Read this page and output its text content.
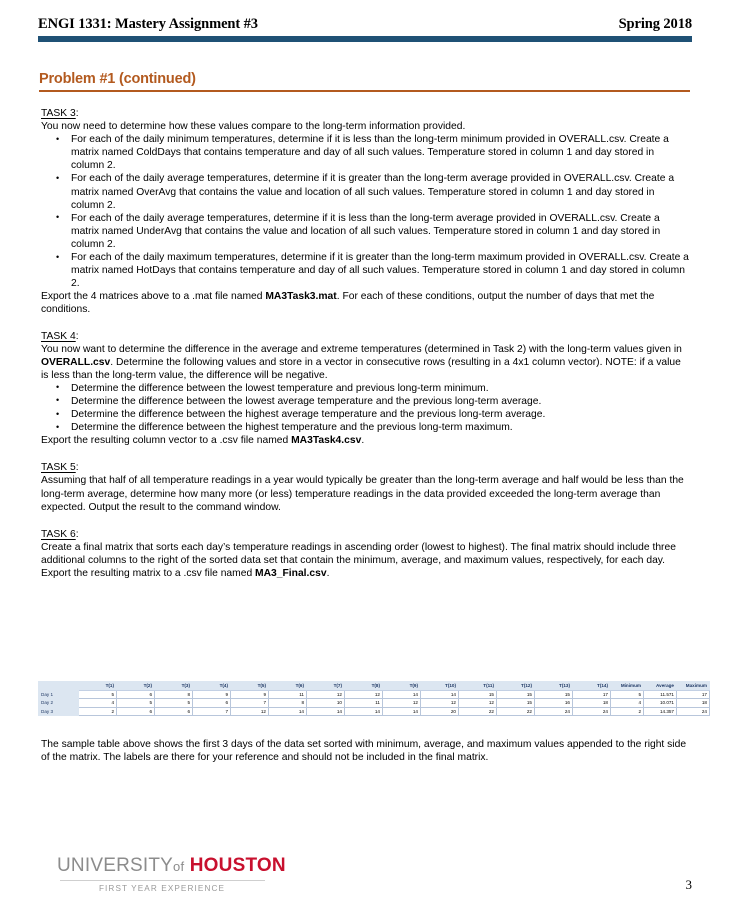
ENGI 1331: Mastery Assignment #3	Spring 2018
Problem #1 (continued)
TASK 3:
You now need to determine how these values compare to the long-term information provided.
• For each of the daily minimum temperatures, determine if it is less than the long-term minimum provided in OVERALL.csv. Create a matrix named ColdDays that contains temperature and day of all such values. Temperature stored in column 1 and day stored in column 2.
• For each of the daily average temperatures, determine if it is greater than the long-term average provided in OVERALL.csv. Create a matrix named OverAvg that contains the value and location of all such values. Temperature stored in column 1 and day stored in column 2.
• For each of the daily average temperatures, determine if it is less than the long-term average provided in OVERALL.csv. Create a matrix named UnderAvg that contains the value and location of all such values. Temperature stored in column 1 and day stored in column 2.
• For each of the daily maximum temperatures, determine if it is greater than the long-term maximum provided in OVERALL.csv. Create a matrix named HotDays that contains temperature and day of all such values. Temperature stored in column 1 and day stored in column 2.
Export the 4 matrices above to a .mat file named MA3Task3.mat. For each of these conditions, output the number of days that met the conditions.
TASK 4:
You now want to determine the difference in the average and extreme temperatures (determined in Task 2) with the long-term values given in OVERALL.csv. Determine the following values and store in a vector in consecutive rows (resulting in a 4x1 column vector). NOTE: if a value is less than the long-term value, the difference will be negative.
• Determine the difference between the lowest temperature and previous long-term minimum.
• Determine the difference between the lowest average temperature and the previous long-term average.
• Determine the difference between the highest average temperature and the previous long-term average.
• Determine the difference between the highest temperature and the previous long-term maximum.
Export the resulting column vector to a .csv file named MA3Task4.csv.
TASK 5:
Assuming that half of all temperature readings in a year would typically be greater than the long-term average and half would be less than the long-term average, determine how many more (or less) temperature readings in the data provided exceeded the long-term average than expected. Output the result to the command window.
TASK 6:
Create a final matrix that sorts each day’s temperature readings in ascending order (lowest to highest). The final matrix should include three additional columns to the right of the sorted data set that contain the minimum, average, and maximum values, respectively, for each day. Export the resulting matrix to a .csv file named MA3_Final.csv.
	T(1)	T(2)	T(3)	T(4)	T(5)	T(6)	T(7)	T(8)	T(9)	T(10)	T(11)	T(12)	T(13)	T(14)	Minimum	Average	Maximum
Day 1	5	6	8	9	9	11	12	12	14	14	15	15	15	17	5	11.571	17
Day 2	4	5	5	6	7	8	10	11	12	12	12	15	16	18	4	10.071	18
Day 3	2	6	6	7	12	14	14	14	14	20	22	22	24	24	2	14.357	24
The sample table above shows the first 3 days of the data set sorted with minimum, average, and maximum values appended to the right side of the matrix. The labels are there for your reference and should not be included in the final matrix.
UNIVERSITYof HOUSTON
FIRST YEAR EXPERIENCE	3
